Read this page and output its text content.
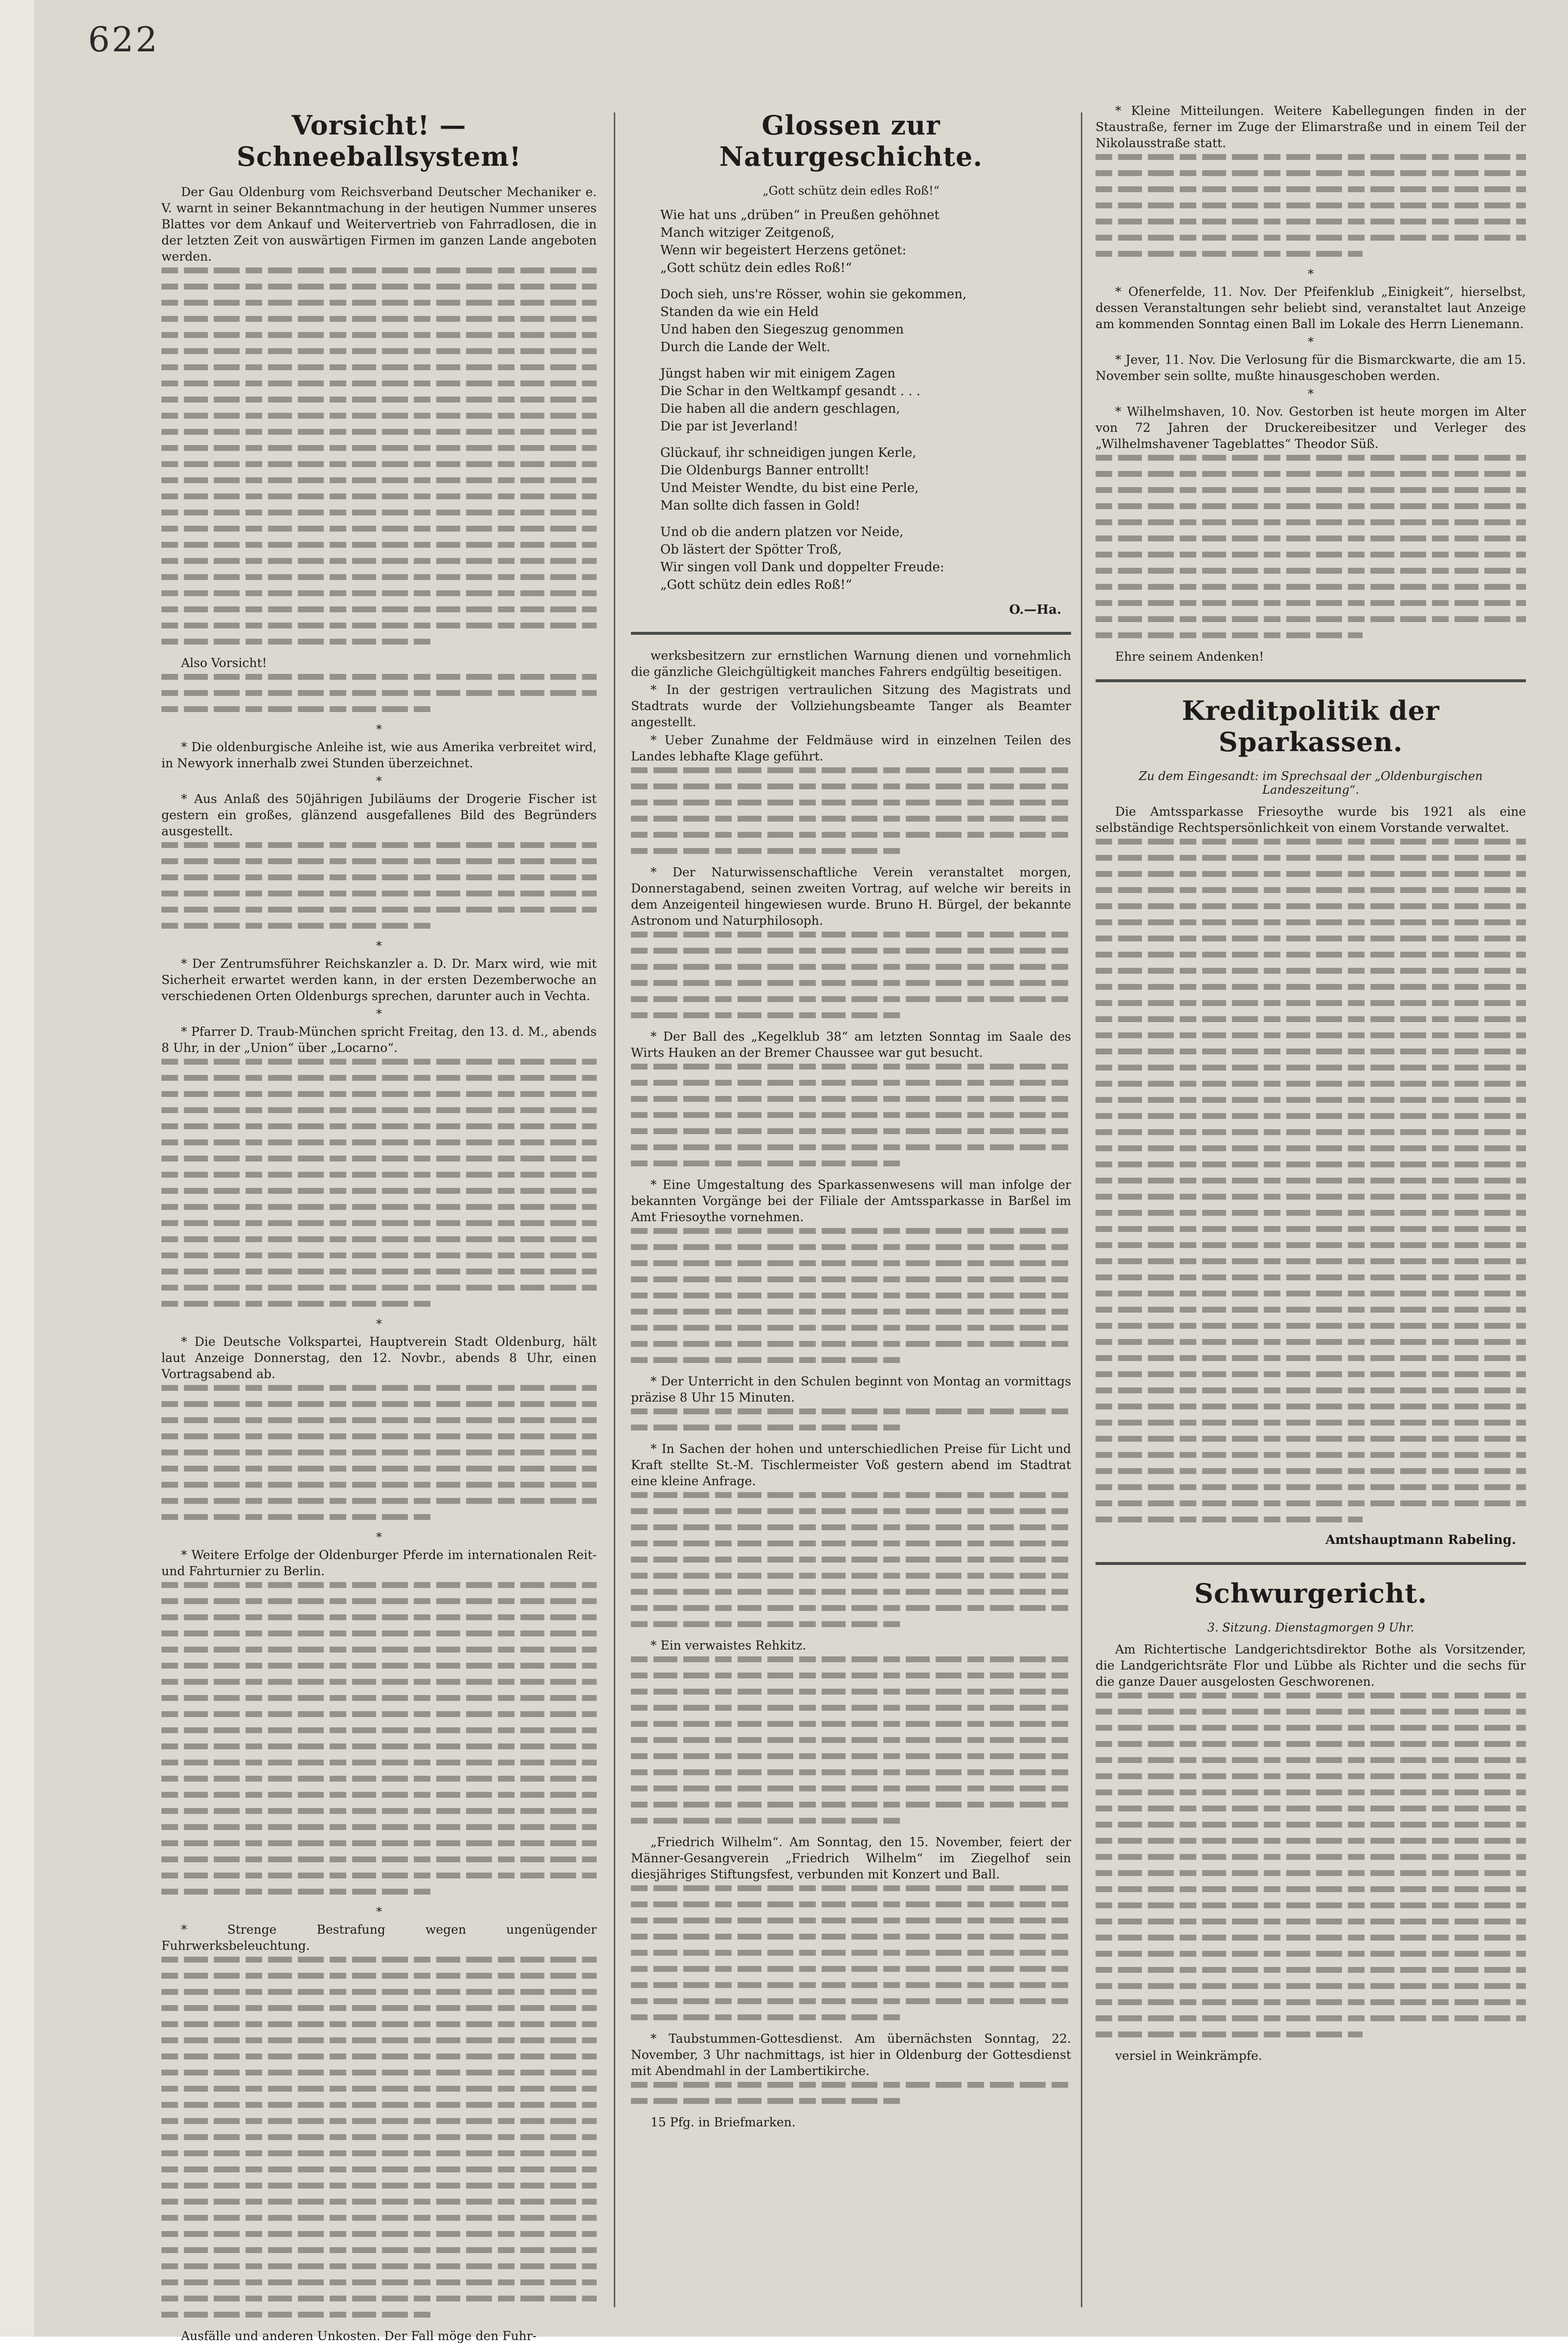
622
Vorsicht! — Schneeballsystem!

Der Gau Oldenburg vom Reichsverband Deutscher Mechaniker e. V. warnt in seiner Bekanntmachung in der heutigen Nummer unseres Blattes vor dem Ankauf und Weitervertrieb von Fahrradlosen, die in der letzten Zeit von auswärtigen Firmen im ganzen Lande angeboten werden.

Also Vorsicht!

*

* Die oldenburgische Anleihe ist, wie aus Amerika verbreitet wird, in Newyork innerhalb zwei Stunden überzeichnet.

*

* Aus Anlaß des 50jährigen Jubiläums der Drogerie Fischer ist gestern ein großes, glänzend ausgefallenes Bild des Begründers ausgestellt.

*

* Der Zentrumsführer Reichskanzler a. D. Dr. Marx wird, wie mit Sicherheit erwartet werden kann, in der ersten Dezemberwoche an verschiedenen Orten Oldenburgs sprechen, darunter auch in Vechta.

*

* Pfarrer D. Traub-München spricht Freitag, den 13. d. M., abends 8 Uhr, in der „Union“ über „Locarno“.

*

* Die Deutsche Volkspartei, Hauptverein Stadt Oldenburg, hält laut Anzeige Donnerstag, den 12. Novbr., abends 8 Uhr, einen Vortragsabend ab.

*

* Weitere Erfolge der Oldenburger Pferde im internationalen Reit- und Fahrturnier zu Berlin.

*

* Strenge Bestrafung wegen ungenügender Fuhrwerksbeleuchtung.

Ausfälle und anderen Unkosten. Der Fall möge den Fuhr-

Glossen zur Naturgeschichte.
„Gott schütz dein edles Roß!“
Wie hat uns „drüben“ in Preußen gehöhnet
Manch witziger Zeitgenoß,
Wenn wir begeistert Herzens getönet:
„Gott schütz dein edles Roß!“
Doch sieh, uns're Rösser, wohin sie gekommen,
Standen da wie ein Held
Und haben den Siegeszug genommen
Durch die Lande der Welt.
Jüngst haben wir mit einigem Zagen
Die Schar in den Weltkampf gesandt . . .
Die haben all die andern geschlagen,
Die par ist Jeverland!
Glückauf, ihr schneidigen jungen Kerle,
Die Oldenburgs Banner entrollt!
Und Meister Wendte, du bist eine Perle,
Man sollte dich fassen in Gold!
Und ob die andern platzen vor Neide,
Ob lästert der Spötter Troß,
Wir singen voll Dank und doppelter Freude:
„Gott schütz dein edles Roß!“
O.—Ha.

werksbesitzern zur ernstlichen Warnung dienen und vornehmlich die gänzliche Gleichgültigkeit manches Fahrers endgültig beseitigen.

* In der gestrigen vertraulichen Sitzung des Magistrats und Stadtrats wurde der Vollziehungsbeamte Tanger als Beamter angestellt.

* Ueber Zunahme der Feldmäuse wird in einzelnen Teilen des Landes lebhafte Klage geführt.

* Der Naturwissenschaftliche Verein veranstaltet morgen, Donnerstagabend, seinen zweiten Vortrag, auf welche wir bereits in dem Anzeigenteil hingewiesen wurde. Bruno H. Bürgel, der bekannte Astronom und Naturphilosoph.

* Der Ball des „Kegelklub 38“ am letzten Sonntag im Saale des Wirts Hauken an der Bremer Chaussee war gut besucht.

* Eine Umgestaltung des Sparkassenwesens will man infolge der bekannten Vorgänge bei der Filiale der Amtssparkasse in Barßel im Amt Friesoythe vornehmen.

* Der Unterricht in den Schulen beginnt von Montag an vormittags präzise 8 Uhr 15 Minuten.

* In Sachen der hohen und unterschiedlichen Preise für Licht und Kraft stellte St.-M. Tischlermeister Voß gestern abend im Stadtrat eine kleine Anfrage.

* Ein verwaistes Rehkitz.

„Friedrich Wilhelm“. Am Sonntag, den 15. November, feiert der Männer-Gesangverein „Friedrich Wilhelm“ im Ziegelhof sein diesjähriges Stiftungsfest, verbunden mit Konzert und Ball.

* Taubstummen-Gottesdienst. Am übernächsten Sonntag, 22. November, 3 Uhr nachmittags, ist hier in Oldenburg der Gottesdienst mit Abendmahl in der Lambertikirche.

15 Pfg. in Briefmarken.

* Kleine Mitteilungen. Weitere Kabellegungen finden in der Staustraße, ferner im Zuge der Elimarstraße und in einem Teil der Nikolausstraße statt.

*

* Ofenerfelde, 11. Nov. Der Pfeifenklub „Einigkeit“, hierselbst, dessen Veranstaltungen sehr beliebt sind, veranstaltet laut Anzeige am kommenden Sonntag einen Ball im Lokale des Herrn Lienemann.

*

* Jever, 11. Nov. Die Verlosung für die Bismarckwarte, die am 15. November sein sollte, mußte hinausgeschoben werden.

*

* Wilhelmshaven, 10. Nov. Gestorben ist heute morgen im Alter von 72 Jahren der Druckereibesitzer und Verleger des „Wilhelmshavener Tageblattes“ Theodor Süß.

Ehre seinem Andenken!

Kreditpolitik der Sparkassen.
Zu dem Eingesandt: im Sprechsaal der „Oldenburgischen Landeszeitung“.

Die Amtssparkasse Friesoythe wurde bis 1921 als eine selbständige Rechtspersönlichkeit von einem Vorstande verwaltet.

Amtshauptmann Rabeling.
Schwurgericht.
3. Sitzung. Dienstagmorgen 9 Uhr.

Am Richtertische Landgerichtsdirektor Bothe als Vorsitzender, die Landgerichtsräte Flor und Lübbe als Richter und die sechs für die ganze Dauer ausgelosten Geschworenen.

versiel in Weinkrämpfe.
